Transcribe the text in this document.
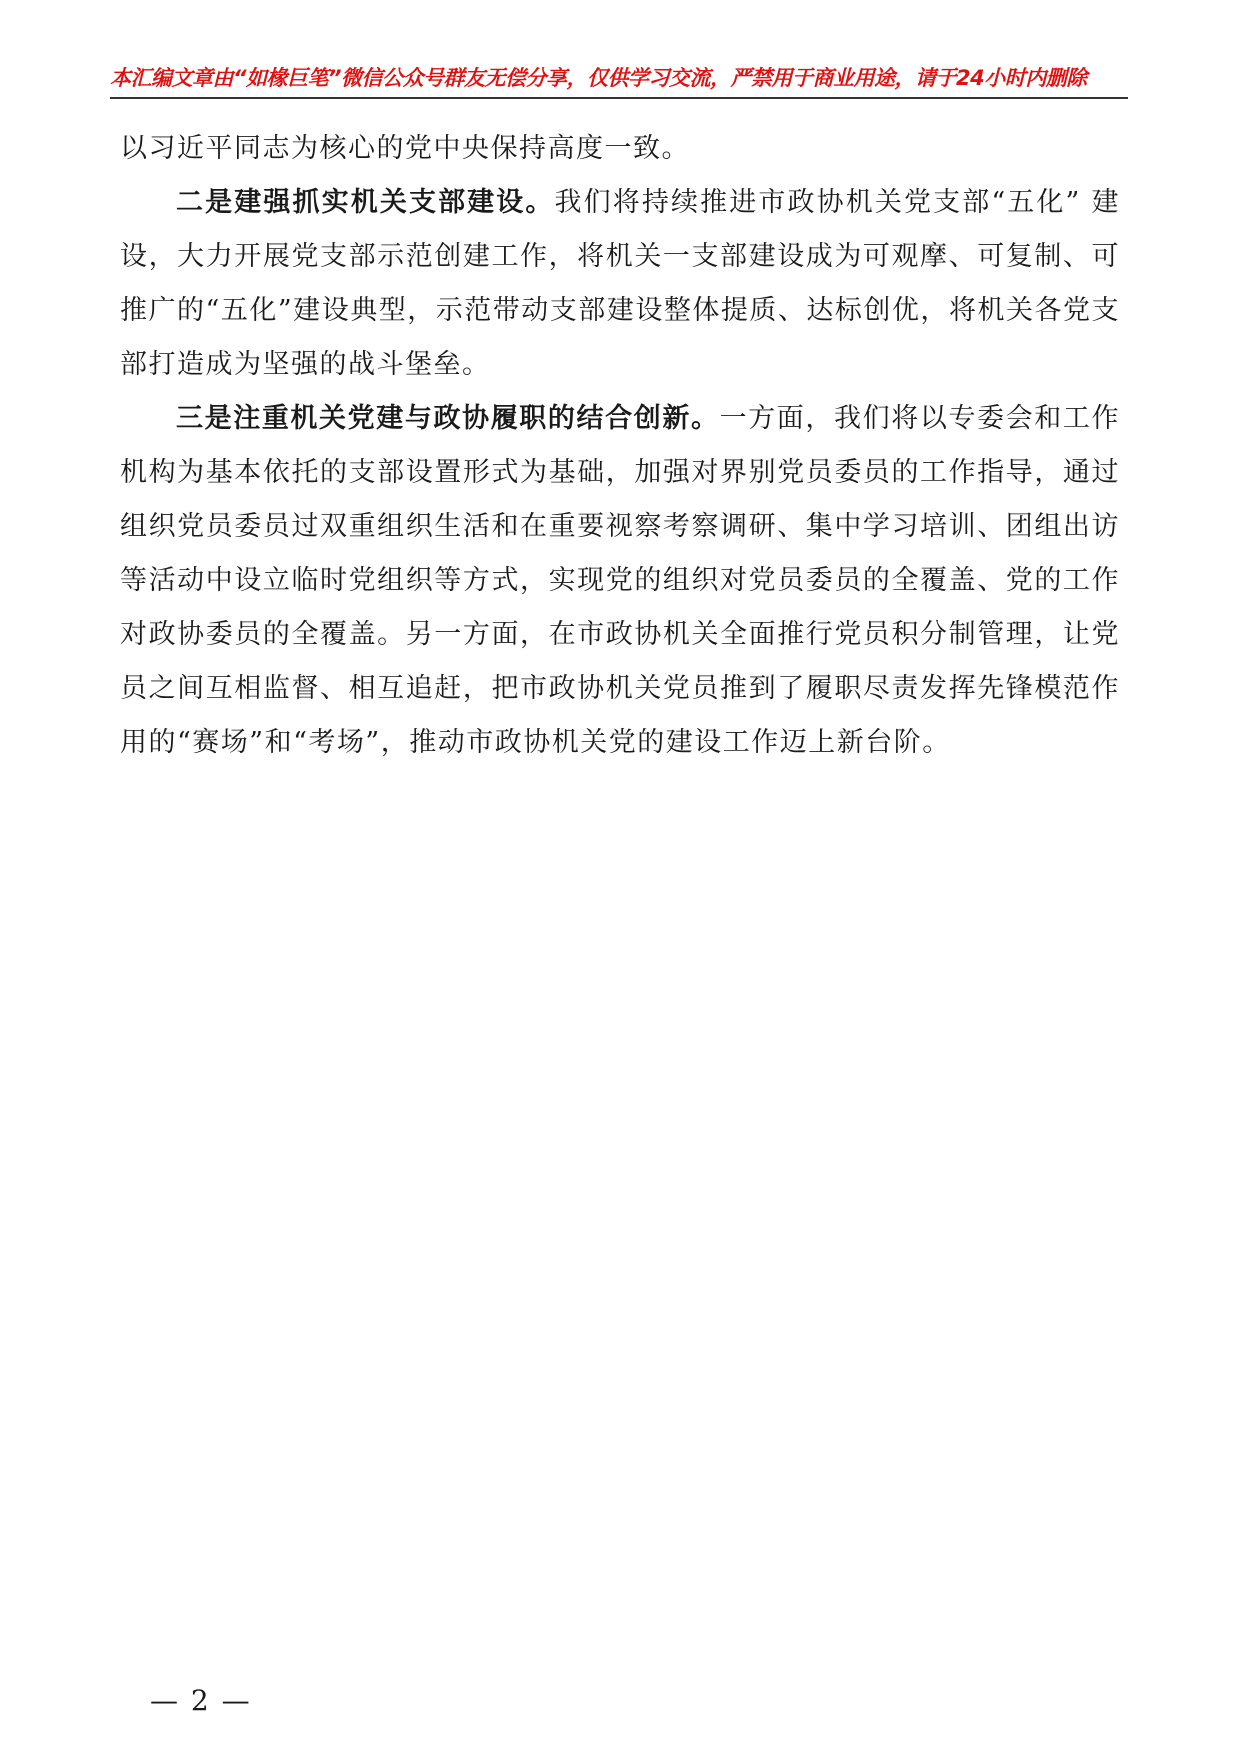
本汇编文章由“如椽巨笔”微信公众号群友无偿分享，仅供学习交流，严禁用于商业用途，请于24小时内删除

以习近平同志为核心的党中央保持高度一致。

二是建强抓实机关支部建设。我们将持续推进市政协机关党支部“五化” 建设，大力开展党支部示范创建工作，将机关一支部建设成为可观摩、可复制、可推广的“五化”建设典型，示范带动支部建设整体提质、达标创优，将机关各党支部打造成为坚强的战斗堡垒。

三是注重机关党建与政协履职的结合创新。一方面，我们将以专委会和工作机构为基本依托的支部设置形式为基础，加强对界别党员委员的工作指导，通过组织党员委员过双重组织生活和在重要视察考察调研、集中学习培训、团组出访等活动中设立临时党组织等方式，实现党的组织对党员委员的全覆盖、党的工作对政协委员的全覆盖。另一方面，在市政协机关全面推行党员积分制管理，让党员之间互相监督、相互追赶，把市政协机关党员推到了履职尽责发挥先锋模范作用的“赛场”和“考场”，推动市政协机关党的建设工作迈上新台阶。

— 2 —
